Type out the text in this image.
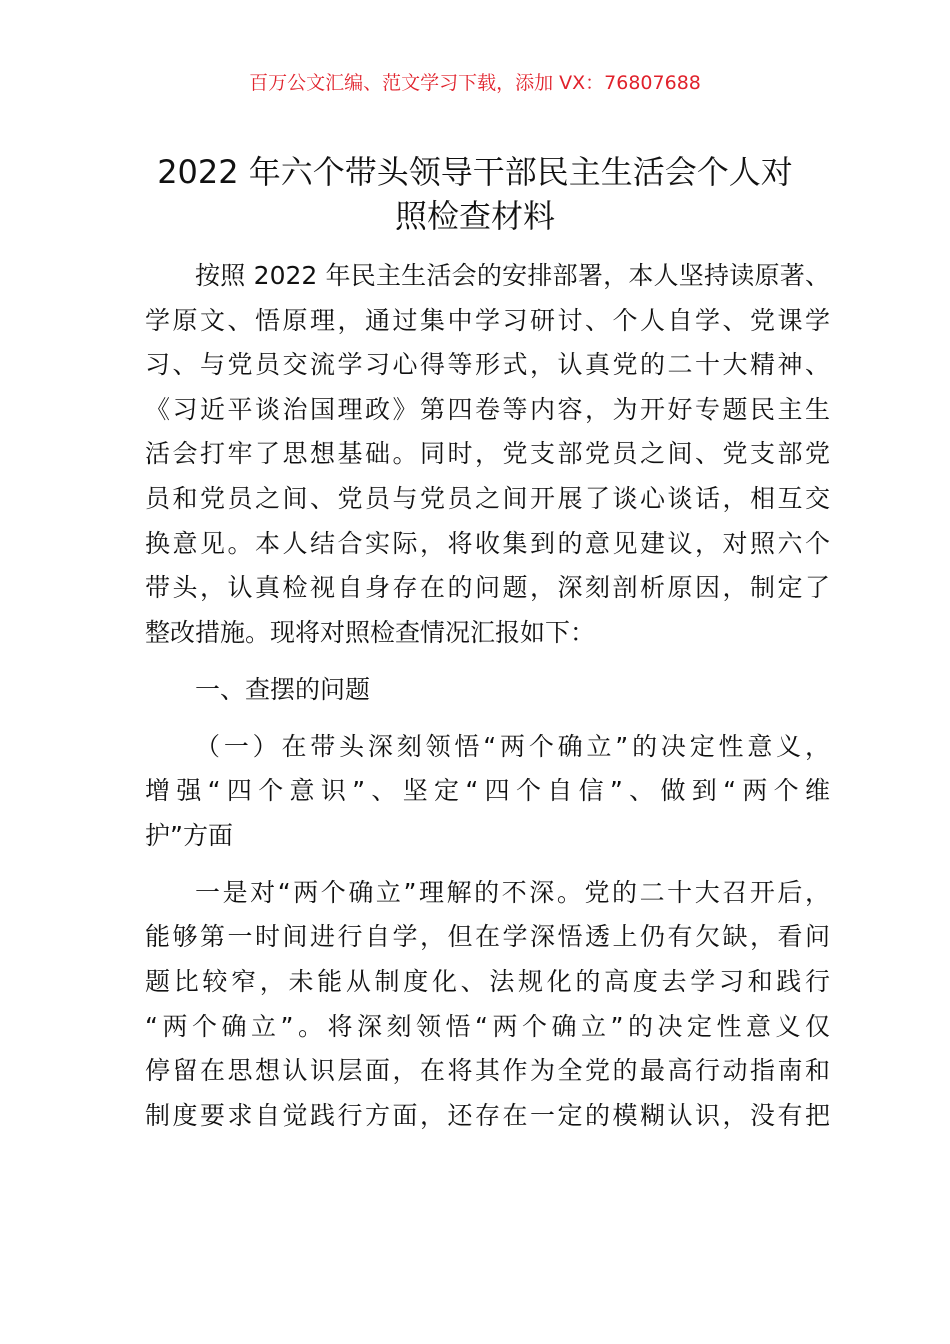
百万公文汇编、范文学习下载，添加 VX：76807688
2022 年六个带头领导干部民主生活会个人对
照检查材料
按照 2022 年民主生活会的安排部署，本人坚持读原著、
学原文、悟原理，通过集中学习研讨、个人自学、党课学
习、与党员交流学习心得等形式，认真党的二十大精神、
《习近平谈治国理政》第四卷等内容，为开好专题民主生
活会打牢了思想基础。同时，党支部党员之间、党支部党
员和党员之间、党员与党员之间开展了谈心谈话，相互交
换意见。本人结合实际，将收集到的意见建议，对照六个
带头，认真检视自身存在的问题，深刻剖析原因，制定了
整改措施。现将对照检查情况汇报如下：
一、查摆的问题
（一）在带头深刻领悟“两个确立”的决定性意义，
增强“四个意识”、坚定“四个自信”、做到“两个维
护”方面
一是对“两个确立”理解的不深。党的二十大召开后，
能够第一时间进行自学，但在学深悟透上仍有欠缺，看问
题比较窄，未能从制度化、法规化的高度去学习和践行
“两个确立”。将深刻领悟“两个确立”的决定性意义仅
停留在思想认识层面，在将其作为全党的最高行动指南和
制度要求自觉践行方面，还存在一定的模糊认识，没有把
